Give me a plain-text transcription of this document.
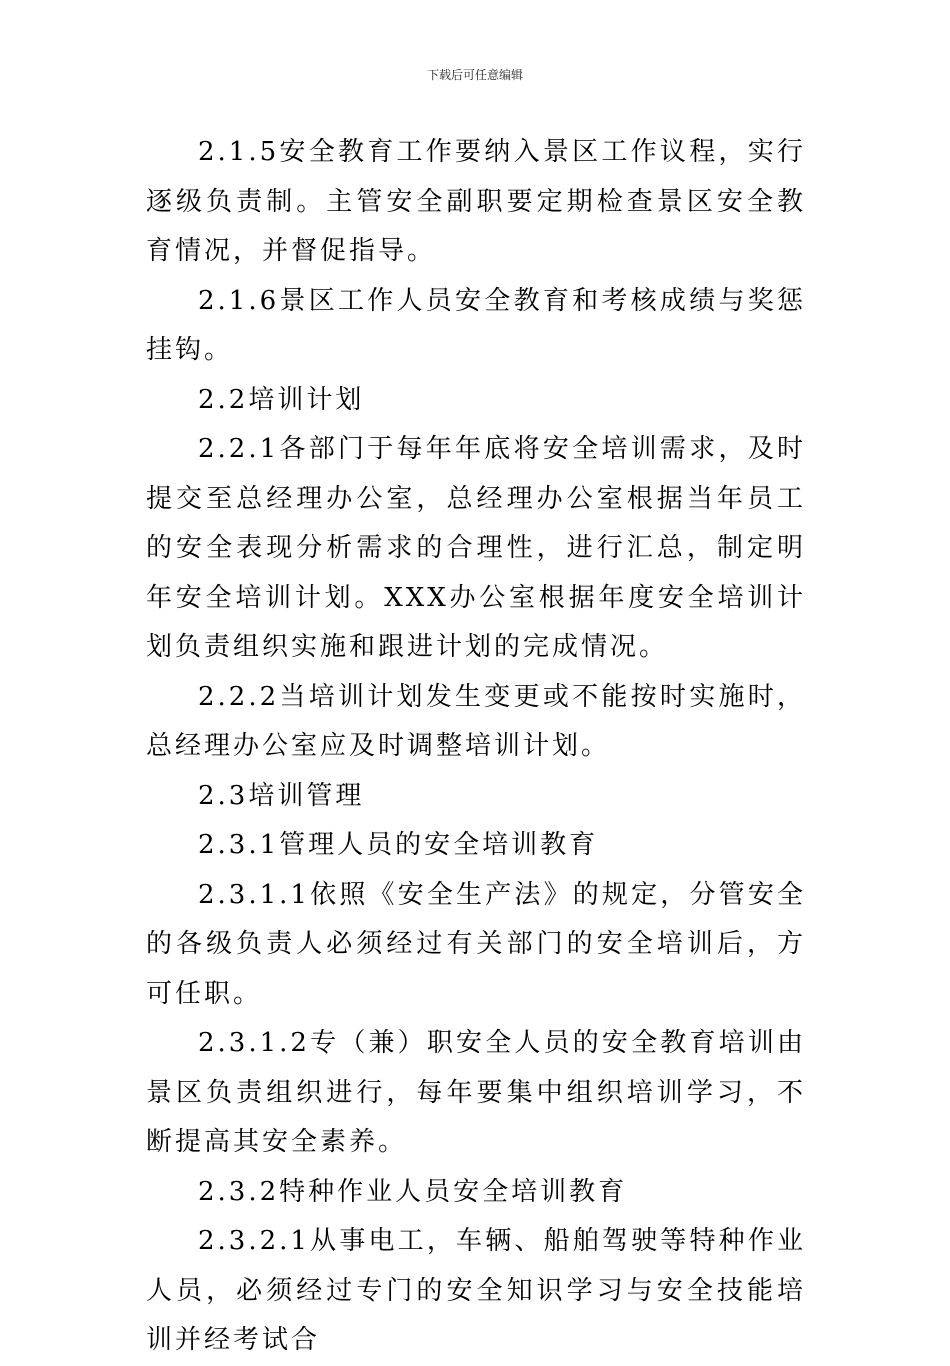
下载后可任意编辑

2.1.5安全教育工作要纳入景区工作议程，实行逐级负责制。主管安全副职要定期检查景区安全教育情况，并督促指导。

2.1.6景区工作人员安全教育和考核成绩与奖惩挂钩。

2.2培训计划

2.2.1各部门于每年年底将安全培训需求，及时提交至总经理办公室，总经理办公室根据当年员工的安全表现分析需求的合理性，进行汇总，制定明年安全培训计划。XXX办公室根据年度安全培训计划负责组织实施和跟进计划的完成情况。

2.2.2当培训计划发生变更或不能按时实施时，总经理办公室应及时调整培训计划。

2.3培训管理

2.3.1管理人员的安全培训教育

2.3.1.1依照《安全生产法》的规定，分管安全的各级负责人必须经过有关部门的安全培训后，方可任职。

2.3.1.2专（兼）职安全人员的安全教育培训由景区负责组织进行，每年要集中组织培训学习，不断提高其安全素养。

2.3.2特种作业人员安全培训教育

2.3.2.1从事电工，车辆、船舶驾驶等特种作业人员，必须经过专门的安全知识学习与安全技能培训并经考试合
